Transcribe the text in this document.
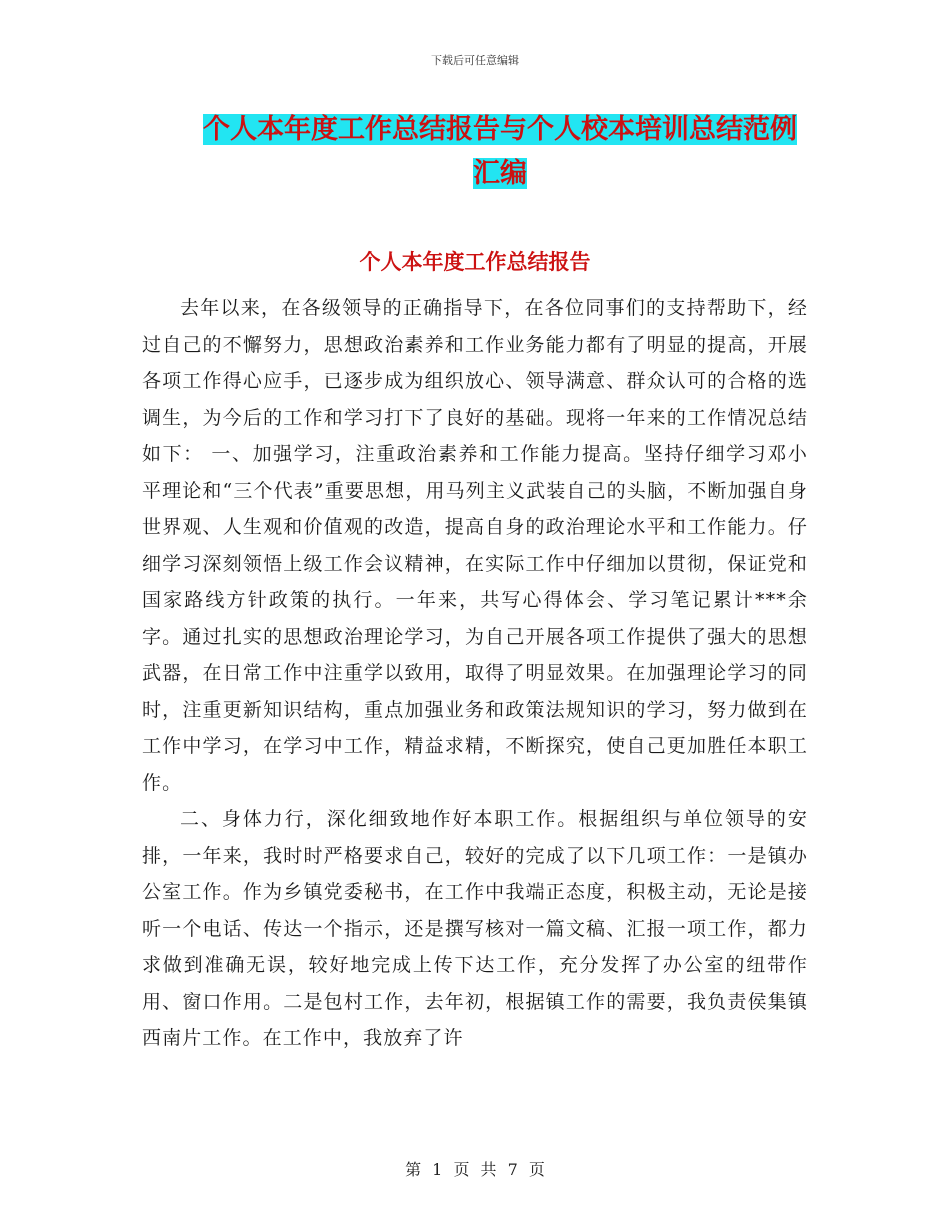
下载后可任意编辑
个人本年度工作总结报告与个人校本培训总结范例汇编
个人本年度工作总结报告

去年以来，在各级领导的正确指导下，在各位同事们的支持帮助下，经过自己的不懈努力，思想政治素养和工作业务能力都有了明显的提高，开展各项工作得心应手，已逐步成为组织放心、领导满意、群众认可的合格的选调生，为今后的工作和学习打下了良好的基础。现将一年来的工作情况总结如下： 一、加强学习，注重政治素养和工作能力提高。坚持仔细学习邓小平理论和“三个代表”重要思想，用马列主义武装自己的头脑，不断加强自身世界观、人生观和价值观的改造，提高自身的政治理论水平和工作能力。仔细学习深刻领悟上级工作会议精神，在实际工作中仔细加以贯彻，保证党和国家路线方针政策的执行。一年来，共写心得体会、学习笔记累计***余字。通过扎实的思想政治理论学习，为自己开展各项工作提供了强大的思想武器，在日常工作中注重学以致用，取得了明显效果。在加强理论学习的同时，注重更新知识结构，重点加强业务和政策法规知识的学习，努力做到在工作中学习，在学习中工作，精益求精，不断探究，使自己更加胜任本职工作。

二、身体力行，深化细致地作好本职工作。根据组织与单位领导的安排，一年来，我时时严格要求自己，较好的完成了以下几项工作：一是镇办公室工作。作为乡镇党委秘书，在工作中我端正态度，积极主动，无论是接听一个电话、传达一个指示，还是撰写核对一篇文稿、汇报一项工作，都力求做到准确无误，较好地完成上传下达工作，充分发挥了办公室的纽带作用、窗口作用。二是包村工作，去年初，根据镇工作的需要，我负责侯集镇西南片工作。在工作中，我放弃了许

第 1 页 共 7 页
